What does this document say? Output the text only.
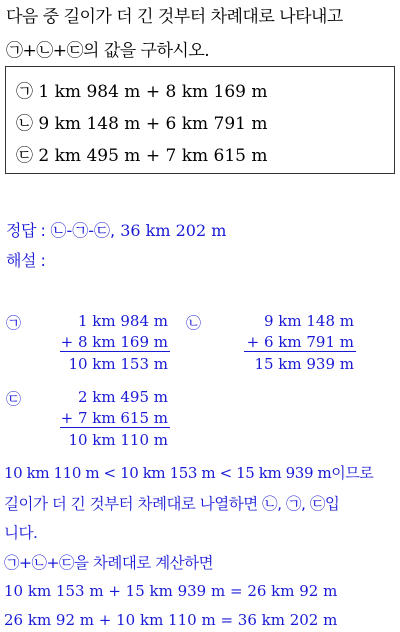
다음 중 길이가 더 긴 것부터 차례대로 나타내고
㉠+㉡+㉢의 값을 구하시오.
㉠ 1 km 984 m + 8 km 169 m
㉡ 9 km 148 m + 6 km 791 m
㉢ 2 km 495 m + 7 km 615 m
정답 : ㉡-㉠-㉢, 36 km 202 m
해설 :
㉠	1 km 984 m
+ 8 km 169 m
10 km 153 m
㉡	9 km 148 m
+ 6 km 791 m
15 km 939 m
㉢	2 km 495 m
+ 7 km 615 m
10 km 110 m
10 km 110 m < 10 km 153 m < 15 km 939 m이므로
길이가 더 긴 것부터 차례대로 나열하면 ㉡, ㉠, ㉢입
니다.
㉠+㉡+㉢을 차례대로 계산하면
10 km 153 m + 15 km 939 m = 26 km 92 m
26 km 92 m + 10 km 110 m = 36 km 202 m
